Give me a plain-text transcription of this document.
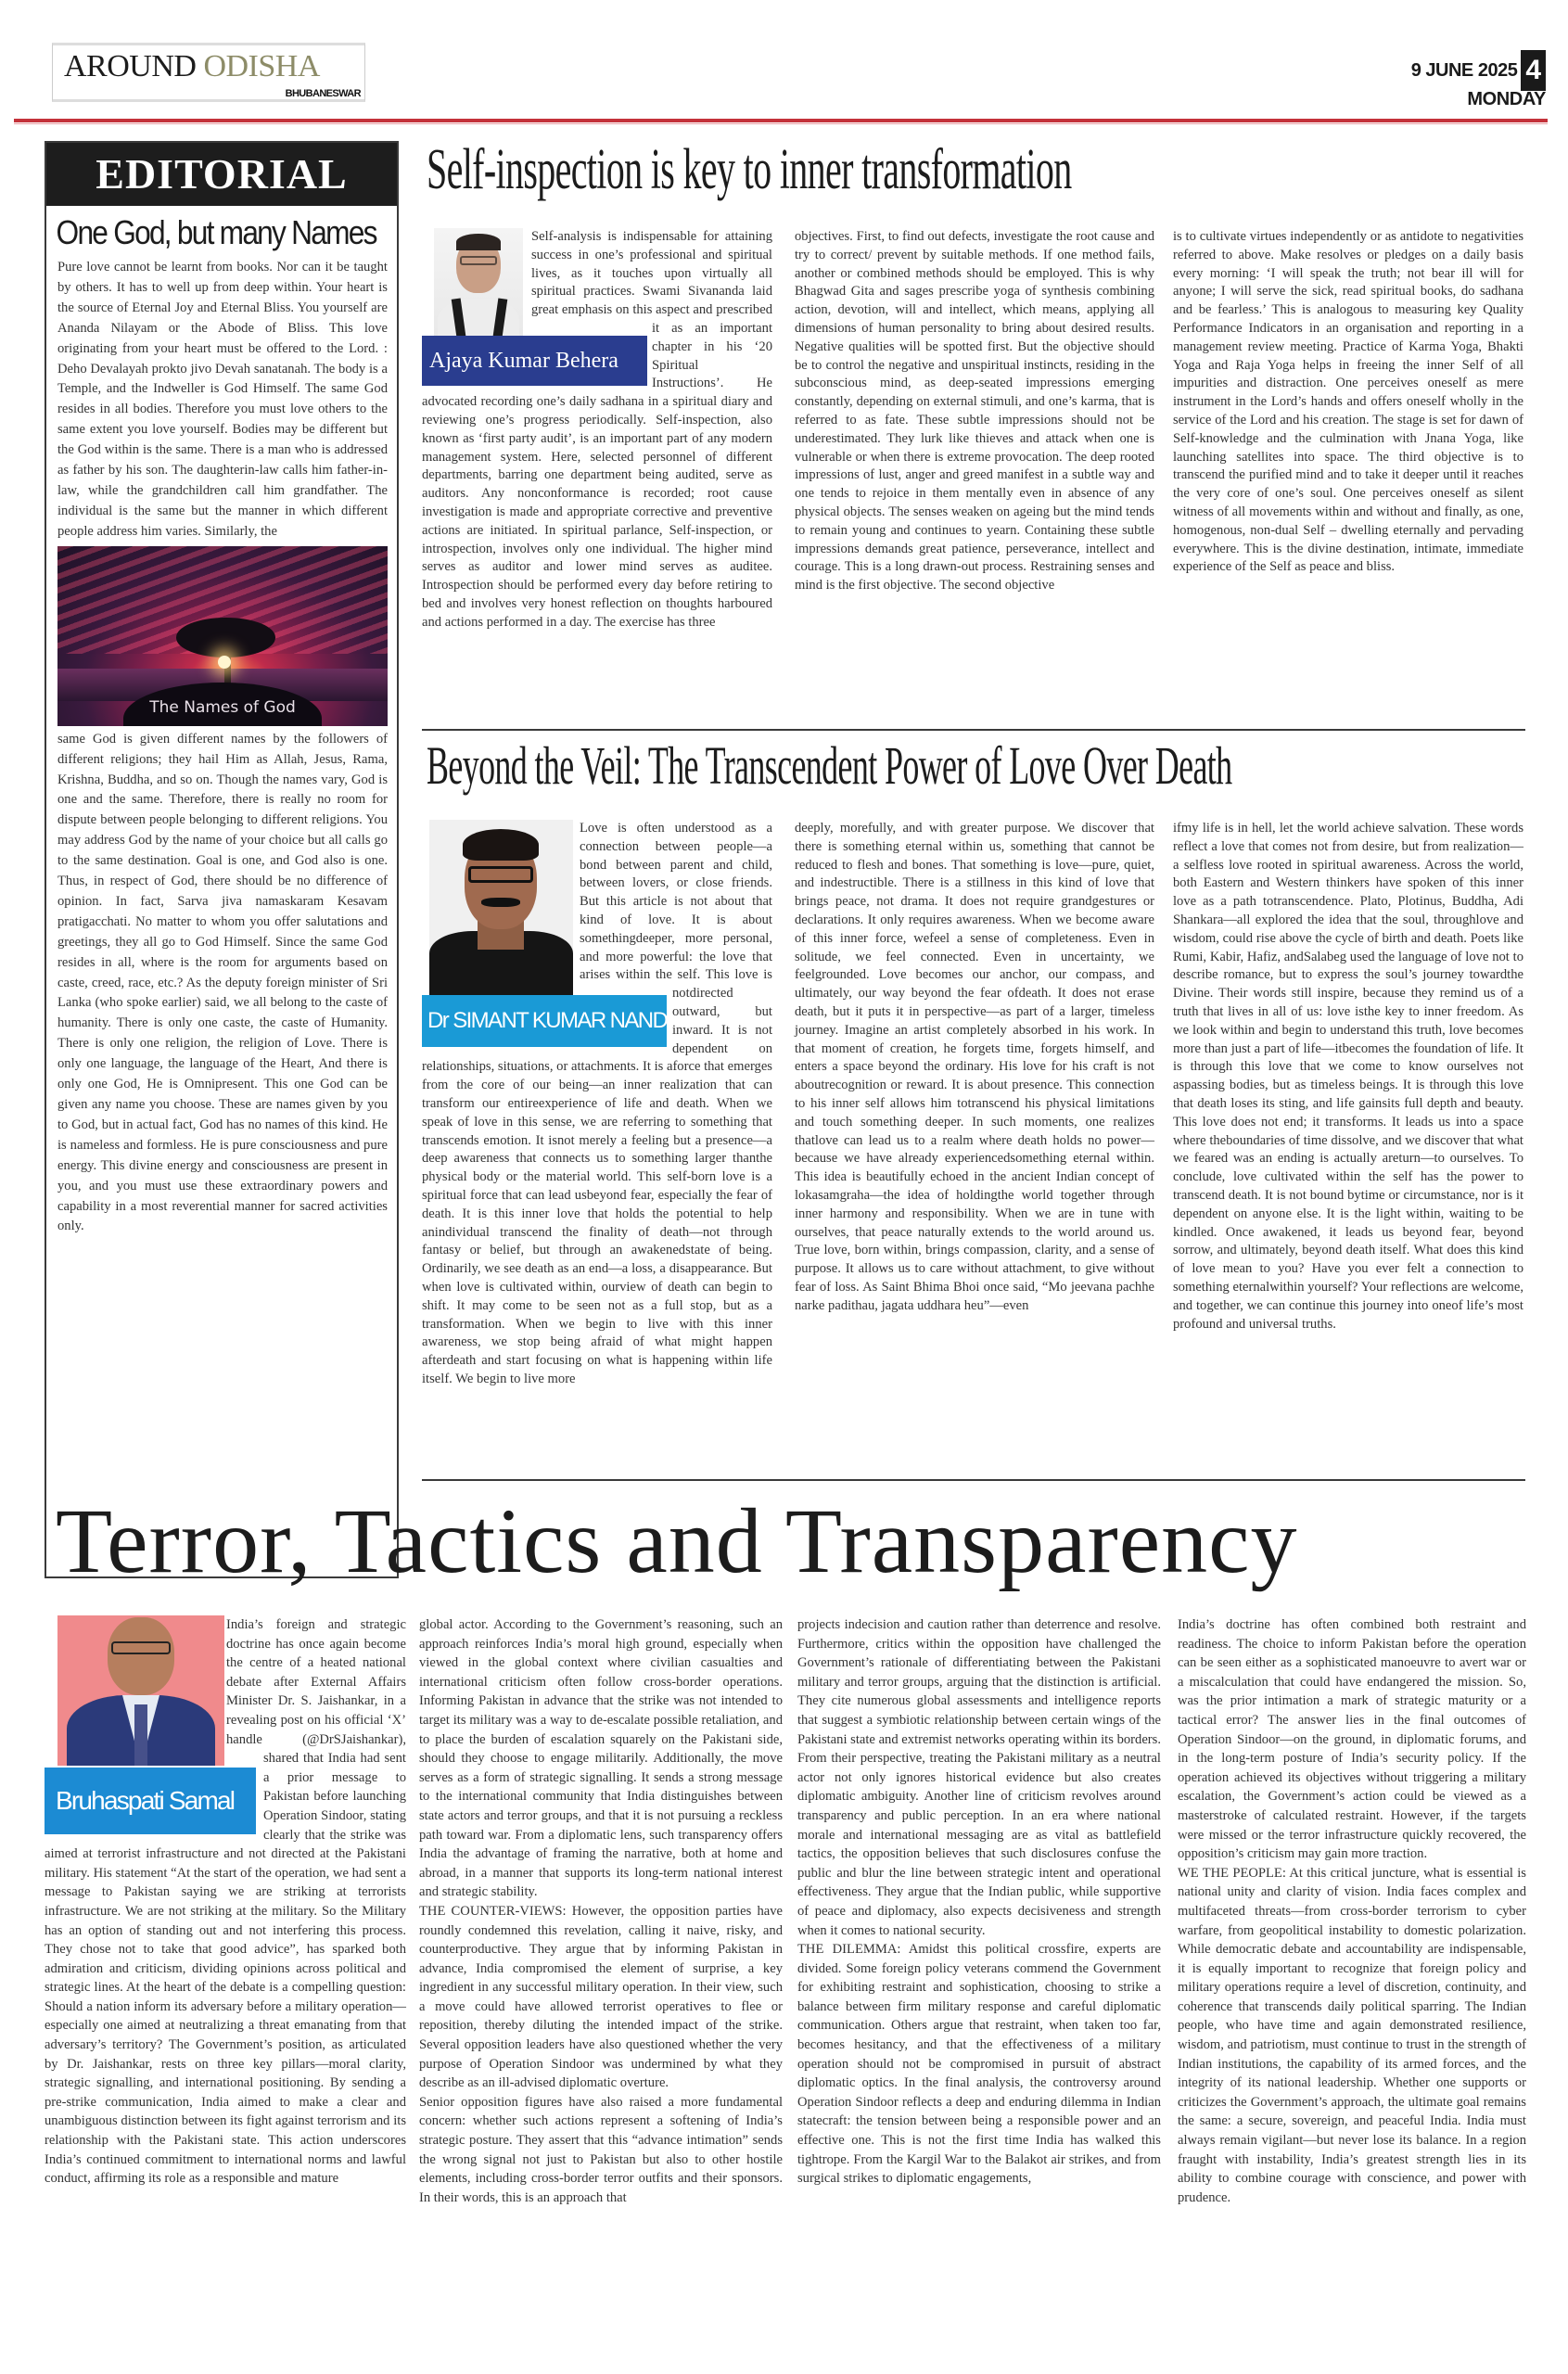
AROUND ODISHA
BHUBANESWAR
9 JUNE 2025 4
MONDAY
EDITORIAL
One God, but many Names
Pure love cannot be learnt from books. Nor can it be taught by others. It has to well up from deep within. Your heart is the source of Eternal Joy and Eternal Bliss. You yourself are Ananda Nilayam or the Abode of Bliss. This love originating from your heart must be offered to the Lord. : Deho Devalayah prokto jivo Devah sanatanah. The body is a Temple, and the Indweller is God Himself. The same God resides in all bodies. Therefore you must love others to the same extent you love yourself. Bodies may be different but the God within is the same. There is a man who is addressed as father by his son. The daughterin-law calls him father-in-law, while the grandchildren call him grandfather. The individual is the same but the manner in which different people address him varies. Similarly, the
The Names of God
same God is given different names by the followers of different religions; they hail Him as Allah, Jesus, Rama, Krishna, Buddha, and so on. Though the names vary, God is one and the same. Therefore, there is really no room for dispute between people belonging to different religions. You may address God by the name of your choice but all calls go to the same destination. Goal is one, and God also is one. Thus, in respect of God, there should be no difference of opinion. In fact, Sarva jiva namaskaram Kesavam pratigacchati. No matter to whom you offer salutations and greetings, they all go to God Himself. Since the same God resides in all, where is the room for arguments based on caste, creed, race, etc.? As the deputy foreign minister of Sri Lanka (who spoke earlier) said, we all belong to the caste of humanity. There is only one caste, the caste of Humanity. There is only one religion, the religion of Love. There is only one language, the language of the Heart, And there is only one God, He is Omnipresent. This one God can be given any name you choose. These are names given by you to God, but in actual fact, God has no names of this kind. He is nameless and formless. He is pure consciousness and pure energy. This divine energy and consciousness are present in you, and you must use these extraordinary powers and capability in a most reverential manner for sacred activities only.
Self-inspection is key to inner transformation
Ajaya Kumar Behera

Self-analysis is indispensable for attaining success in one’s professional and spiritual lives, as it touches upon virtually all spiritual practices. Swami Sivananda laid great emphasis on this aspect and prescribed it as an important chapter in his ‘20 Spiritual Instructions’. He advocated recording one’s daily sadhana in a spiritual diary and reviewing one’s progress periodically. Self-inspection, also known as ‘first party audit’, is an important part of any modern management system. Here, selected personnel of different departments, barring one department being audited, serve as auditors. Any nonconformance is recorded; root cause investigation is made and appropriate corrective and preventive actions are initiated. In spiritual parlance, Self-inspection, or introspection, involves only one individual. The higher mind serves as auditor and lower mind serves as auditee. Introspection should be performed every day before retiring to bed and involves very honest reflection on thoughts harboured and actions performed in a day. The exercise has three

objectives. First, to find out defects, investigate the root cause and try to correct/ prevent by suitable methods. If one method fails, another or combined methods should be employed. This is why Bhagwad Gita and sages prescribe yoga of synthesis combining action, devotion, will and intellect, which means, applying all dimensions of human personality to bring about desired results. Negative qualities will be spotted first. But the objective should be to control the negative and unspiritual instincts, residing in the subconscious mind, as deep-seated impressions emerging constantly, depending on external stimuli, and one’s karma, that is referred to as fate. These subtle impressions should not be underestimated. They lurk like thieves and attack when one is vulnerable or when there is extreme provocation. The deep rooted impressions of lust, anger and greed manifest in a subtle way and one tends to rejoice in them mentally even in absence of any physical objects. The senses weaken on ageing but the mind tends to remain young and continues to yearn. Containing these subtle impressions demands great patience, perseverance, intellect and courage. This is a long drawn-out process. Restraining senses and mind is the first objective. The second objective

is to cultivate virtues independently or as antidote to negativities referred to above. Make resolves or pledges on a daily basis every morning: ‘I will speak the truth; not bear ill will for anyone; I will serve the sick, read spiritual books, do sadhana and be fearless.’ This is analogous to measuring key Quality Performance Indicators in an organisation and reporting in a management review meeting. Practice of Karma Yoga, Bhakti Yoga and Raja Yoga helps in freeing the inner Self of all impurities and distraction. One perceives oneself as mere instrument in the Lord’s hands and offers oneself wholly in the service of the Lord and his creation. The stage is set for dawn of Self-knowledge and the culmination with Jnana Yoga, like launching satellites into space. The third objective is to transcend the purified mind and to take it deeper until it reaches the very core of one’s soul. One perceives oneself as silent witness of all movements within and without and finally, as one, homogenous, non-dual Self – dwelling eternally and pervading everywhere. This is the divine destination, intimate, immediate experience of the Self as peace and bliss.

Beyond the Veil: The Transcendent Power of Love Over Death
Dr SIMANT KUMAR NANDA

Love is often understood as a connection between people—a bond between parent and child, between lovers, or close friends. But this article is not about that kind of love. It is about somethingdeeper, more personal, and more powerful: the love that arises within the self. This love is notdirected outward, but inward. It is not dependent on relationships, situations, or attachments. It is aforce that emerges from the core of our being—an inner realization that can transform our entireexperience of life and death. When we speak of love in this sense, we are referring to something that transcends emotion. It isnot merely a feeling but a presence—a deep awareness that connects us to something larger thanthe physical body or the material world. This self-born love is a spiritual force that can lead usbeyond fear, especially the fear of death. It is this inner love that holds the potential to help anindividual transcend the finality of death—not through fantasy or belief, but through an awakenedstate of being. Ordinarily, we see death as an end—a loss, a disappearance. But when love is cultivated within, ourview of death can begin to shift. It may come to be seen not as a full stop, but as a transformation. When we begin to live with this inner awareness, we stop being afraid of what might happen afterdeath and start focusing on what is happening within life itself. We begin to live more

deeply, morefully, and with greater purpose. We discover that there is something eternal within us, something that cannot be reduced to flesh and bones. That something is love—pure, quiet, and indestructible. There is a stillness in this kind of love that brings peace, not drama. It does not require grandgestures or declarations. It only requires awareness. When we become aware of this inner force, wefeel a sense of completeness. Even in solitude, we feel connected. Even in uncertainty, we feelgrounded. Love becomes our anchor, our compass, and ultimately, our way beyond the fear ofdeath. It does not erase death, but it puts it in perspective—as part of a larger, timeless journey. Imagine an artist completely absorbed in his work. In that moment of creation, he forgets time, forgets himself, and enters a space beyond the ordinary. His love for his craft is not aboutrecognition or reward. It is about presence. This connection to his inner self allows him totranscend his physical limitations and touch something deeper. In such moments, one realizes thatlove can lead us to a realm where death holds no power—because we have already experiencedsomething eternal within. This idea is beautifully echoed in the ancient Indian concept of lokasamgraha—the idea of holdingthe world together through inner harmony and responsibility. When we are in tune with ourselves, that peace naturally extends to the world around us. True love, born within, brings compassion, clarity, and a sense of purpose. It allows us to care without attachment, to give without fear of loss. As Saint Bhima Bhoi once said, “Mo jeevana pachhe narke padithau, jagata uddhara heu”—even

ifmy life is in hell, let the world achieve salvation. These words reflect a love that comes not from desire, but from realization—a selfless love rooted in spiritual awareness. Across the world, both Eastern and Western thinkers have spoken of this inner love as a path totranscendence. Plato, Plotinus, Buddha, Adi Shankara—all explored the idea that the soul, throughlove and wisdom, could rise above the cycle of birth and death. Poets like Rumi, Kabir, Hafiz, andSalabeg used the language of love not to describe romance, but to express the soul’s journey towardthe Divine. Their words still inspire, because they remind us of a truth that lives in all of us: love isthe key to inner freedom. As we look within and begin to understand this truth, love becomes more than just a part of life—itbecomes the foundation of life. It is through this love that we come to know ourselves not aspassing bodies, but as timeless beings. It is through this love that death loses its sting, and life gainsits full depth and beauty. This love does not end; it transforms. It leads us into a space where theboundaries of time dissolve, and we discover that what we feared was an ending is actually areturn—to ourselves. To conclude, love cultivated within the self has the power to transcend death. It is not bound bytime or circumstance, nor is it dependent on anyone else. It is the light within, waiting to be kindled. Once awakened, it leads us beyond fear, beyond sorrow, and ultimately, beyond death itself. What does this kind of love mean to you? Have you ever felt a connection to something eternalwithin yourself? Your reflections are welcome, and together, we can continue this journey into oneof life’s most profound and universal truths.

Terror, Tactics and Transparency
Bruhaspati Samal

India’s foreign and strategic doctrine has once again become the centre of a heated national debate after External Affairs Minister Dr. S. Jaishankar, in a revealing post on his official ‘X’ handle (@DrSJaishankar), shared that India had sent a prior message to Pakistan before launching Operation Sindoor, stating clearly that the strike was aimed at terrorist infrastructure and not directed at the Pakistani military. His statement “At the start of the operation, we had sent a message to Pakistan saying we are striking at terrorists infrastructure. We are not striking at the military. So the Military has an option of standing out and not interfering this process. They chose not to take that good advice”, has sparked both admiration and criticism, dividing opinions across political and strategic lines. At the heart of the debate is a compelling question: Should a nation inform its adversary before a military operation—especially one aimed at neutralizing a threat emanating from that adversary’s territory? The Government’s position, as articulated by Dr. Jaishankar, rests on three key pillars—moral clarity, strategic signalling, and international positioning. By sending a pre-strike communication, India aimed to make a clear and unambiguous distinction between its fight against terrorism and its relationship with the Pakistani state. This action underscores India’s continued commitment to international norms and lawful conduct, affirming its role as a responsible and mature

global actor. According to the Government’s reasoning, such an approach reinforces India’s moral high ground, especially when viewed in the global context where civilian casualties and international criticism often follow cross-border operations. Informing Pakistan in advance that the strike was not intended to target its military was a way to de-escalate possible retaliation, and to place the burden of escalation squarely on the Pakistani side, should they choose to engage militarily. Additionally, the move serves as a form of strategic signalling. It sends a strong message to the international community that India distinguishes between state actors and terror groups, and that it is not pursuing a reckless path toward war. From a diplomatic lens, such transparency offers India the advantage of framing the narrative, both at home and abroad, in a manner that supports its long-term national interest and strategic stability.
THE COUNTER-VIEWS: However, the opposition parties have roundly condemned this revelation, calling it naive, risky, and counterproductive. They argue that by informing Pakistan in advance, India compromised the element of surprise, a key ingredient in any successful military operation. In their view, such a move could have allowed terrorist operatives to flee or reposition, thereby diluting the intended impact of the strike. Several opposition leaders have also questioned whether the very purpose of Operation Sindoor was undermined by what they describe as an ill-advised diplomatic overture.
Senior opposition figures have also raised a more fundamental concern: whether such actions represent a softening of India’s strategic posture. They assert that this “advance intimation” sends the wrong signal not just to Pakistan but also to other hostile elements, including cross-border terror outfits and their sponsors. In their words, this is an approach that

projects indecision and caution rather than deterrence and resolve. Furthermore, critics within the opposition have challenged the Government’s rationale of differentiating between the Pakistani military and terror groups, arguing that the distinction is artificial. They cite numerous global assessments and intelligence reports that suggest a symbiotic relationship between certain wings of the Pakistani state and extremist networks operating within its borders. From their perspective, treating the Pakistani military as a neutral actor not only ignores historical evidence but also creates diplomatic ambiguity. Another line of criticism revolves around transparency and public perception. In an era where national morale and international messaging are as vital as battlefield tactics, the opposition believes that such disclosures confuse the public and blur the line between strategic intent and operational effectiveness. They argue that the Indian public, while supportive of peace and diplomacy, also expects decisiveness and strength when it comes to national security.
THE DILEMMA: Amidst this political crossfire, experts are divided. Some foreign policy veterans commend the Government for exhibiting restraint and sophistication, choosing to strike a balance between firm military response and careful diplomatic communication. Others argue that restraint, when taken too far, becomes hesitancy, and that the effectiveness of a military operation should not be compromised in pursuit of abstract diplomatic optics. In the final analysis, the controversy around Operation Sindoor reflects a deep and enduring dilemma in Indian statecraft: the tension between being a responsible power and an effective one. This is not the first time India has walked this tightrope. From the Kargil War to the Balakot air strikes, and from surgical strikes to diplomatic engagements,

India’s doctrine has often combined both restraint and readiness. The choice to inform Pakistan before the operation can be seen either as a sophisticated manoeuvre to avert war or a miscalculation that could have endangered the mission. So, was the prior intimation a mark of strategic maturity or a tactical error? The answer lies in the final outcomes of Operation Sindoor—on the ground, in diplomatic forums, and in the long-term posture of India’s security policy. If the operation achieved its objectives without triggering a military escalation, the Government’s action could be viewed as a masterstroke of calculated restraint. However, if the targets were missed or the terror infrastructure quickly recovered, the opposition’s criticism may gain more traction.
WE THE PEOPLE: At this critical juncture, what is essential is national unity and clarity of vision. India faces complex and multifaceted threats—from cross-border terrorism to cyber warfare, from geopolitical instability to domestic polarization. While democratic debate and accountability are indispensable, it is equally important to recognize that foreign policy and military operations require a level of discretion, continuity, and coherence that transcends daily political sparring. The Indian people, who have time and again demonstrated resilience, wisdom, and patriotism, must continue to trust in the strength of Indian institutions, the capability of its armed forces, and the integrity of its national leadership. Whether one supports or criticizes the Government’s approach, the ultimate goal remains the same: a secure, sovereign, and peaceful India. India must always remain vigilant—but never lose its balance. In a region fraught with instability, India’s greatest strength lies in its ability to combine courage with conscience, and power with prudence.
